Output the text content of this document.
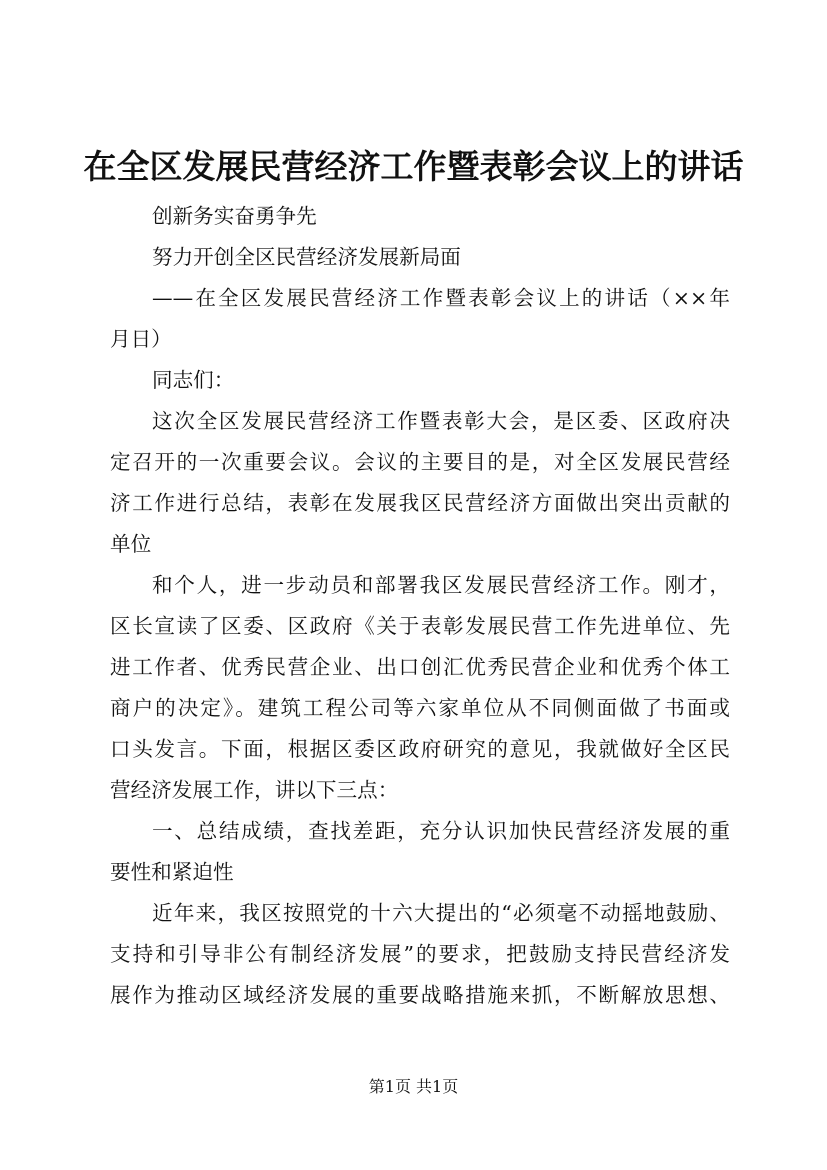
在全区发展民营经济工作暨表彰会议上的讲话
创新务实奋勇争先
努力开创全区民营经济发展新局面
——在全区发展民营经济工作暨表彰会议上的讲话（××年
月日）
同志们：
这次全区发展民营经济工作暨表彰大会，是区委、区政府决
定召开的一次重要会议。会议的主要目的是，对全区发展民营经
济工作进行总结，表彰在发展我区民营经济方面做出突出贡献的
单位
和个人，进一步动员和部署我区发展民营经济工作。刚才，
区长宣读了区委、区政府《关于表彰发展民营工作先进单位、先
进工作者、优秀民营企业、出口创汇优秀民营企业和优秀个体工
商户的决定》。建筑工程公司等六家单位从不同侧面做了书面或
口头发言。下面，根据区委区政府研究的意见，我就做好全区民
营经济发展工作，讲以下三点：
一、总结成绩，查找差距，充分认识加快民营经济发展的重
要性和紧迫性
近年来，我区按照党的十六大提出的“必须毫不动摇地鼓励、
支持和引导非公有制经济发展”的要求，把鼓励支持民营经济发
展作为推动区域经济发展的重要战略措施来抓，不断解放思想、
第1页 共1页
